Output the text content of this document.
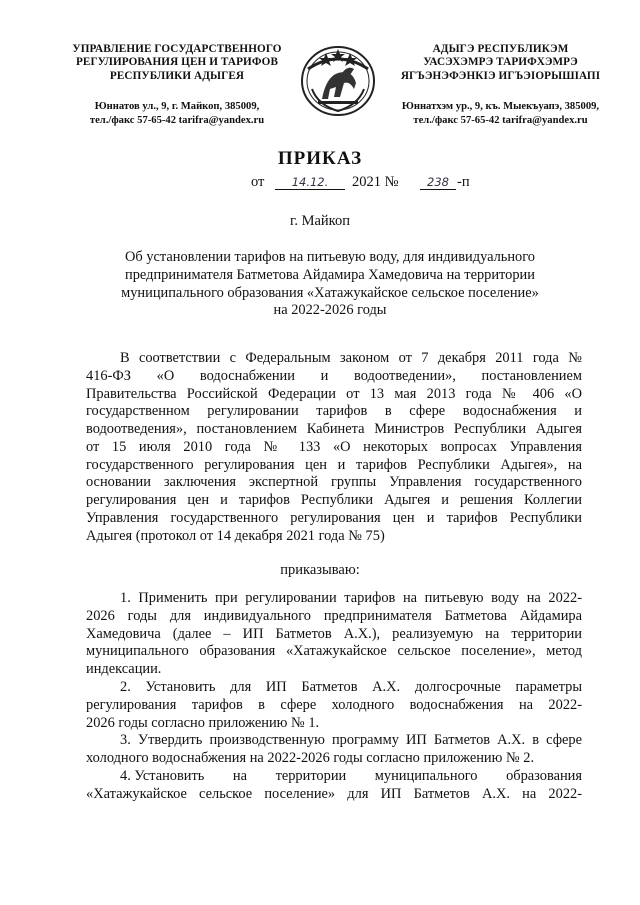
УПРАВЛЕНИЕ ГОСУДАРСТВЕННОГО
РЕГУЛИРОВАНИЯ ЦЕН И ТАРИФОВ
РЕСПУБЛИКИ АДЫГЕЯ
Юннатов ул., 9, г. Майкоп, 385009,
тел./факс 57-65-42 tarifra@yandex.ru
АДЫГЭ РЕСПУБЛИКЭМ
УАСЭХЭМРЭ ТАРИФХЭМРЭ
ЯГЪЭНЭФЭНКIЭ ИГЪЭIОРЫШIАПI
Юннатхэм ур., 9, къ. Мыекъуапэ, 385009,
тел./факс 57-65-42 tarifra@yandex.ru
ПРИКАЗ
от	14.12.	2021 №	238 -п
г. Майкоп
Об установлении тарифов на питьевую воду, для индивидуального
предпринимателя Батметова Айдамира Хамедовича на территории
муниципального образования «Хатажукайское сельское поселение»
на 2022-2026 годы
В соответствии с Федеральным законом от 7 декабря 2011 года №
416-ФЗ «О водоснабжении и водоотведении», постановлением
Правительства Российской Федерации от 13 мая 2013 года № 406 «О
государственном регулировании тарифов в сфере водоснабжения и
водоотведения», постановлением Кабинета Министров Республики Адыгея
от 15 июля 2010 года № 133 «О некоторых вопросах Управления
государственного регулирования цен и тарифов Республики Адыгея», на
основании заключения экспертной группы Управления государственного
регулирования цен и тарифов Республики Адыгея и решения Коллегии
Управления государственного регулирования цен и тарифов Республики
Адыгея (протокол от 14 декабря 2021 года № 75)
приказываю:
1. Применить при регулировании тарифов на питьевую воду на 2022-
2026 годы для индивидуального предпринимателя Батметова Айдамира
Хамедовича (далее – ИП Батметов А.Х.), реализуемую на территории
муниципального образования «Хатажукайское сельское поселение», метод
индексации.
2. Установить для ИП Батметов А.Х. долгосрочные параметры
регулирования тарифов в сфере холодного водоснабжения на 2022-
2026 годы согласно приложению № 1.
3. Утвердить производственную программу ИП Батметов А.Х. в сфере
холодного водоснабжения на 2022-2026 годы согласно приложению № 2.
4. Установить на территории муниципального образования
«Хатажукайское сельское поселение» для ИП Батметов А.Х. на 2022-
